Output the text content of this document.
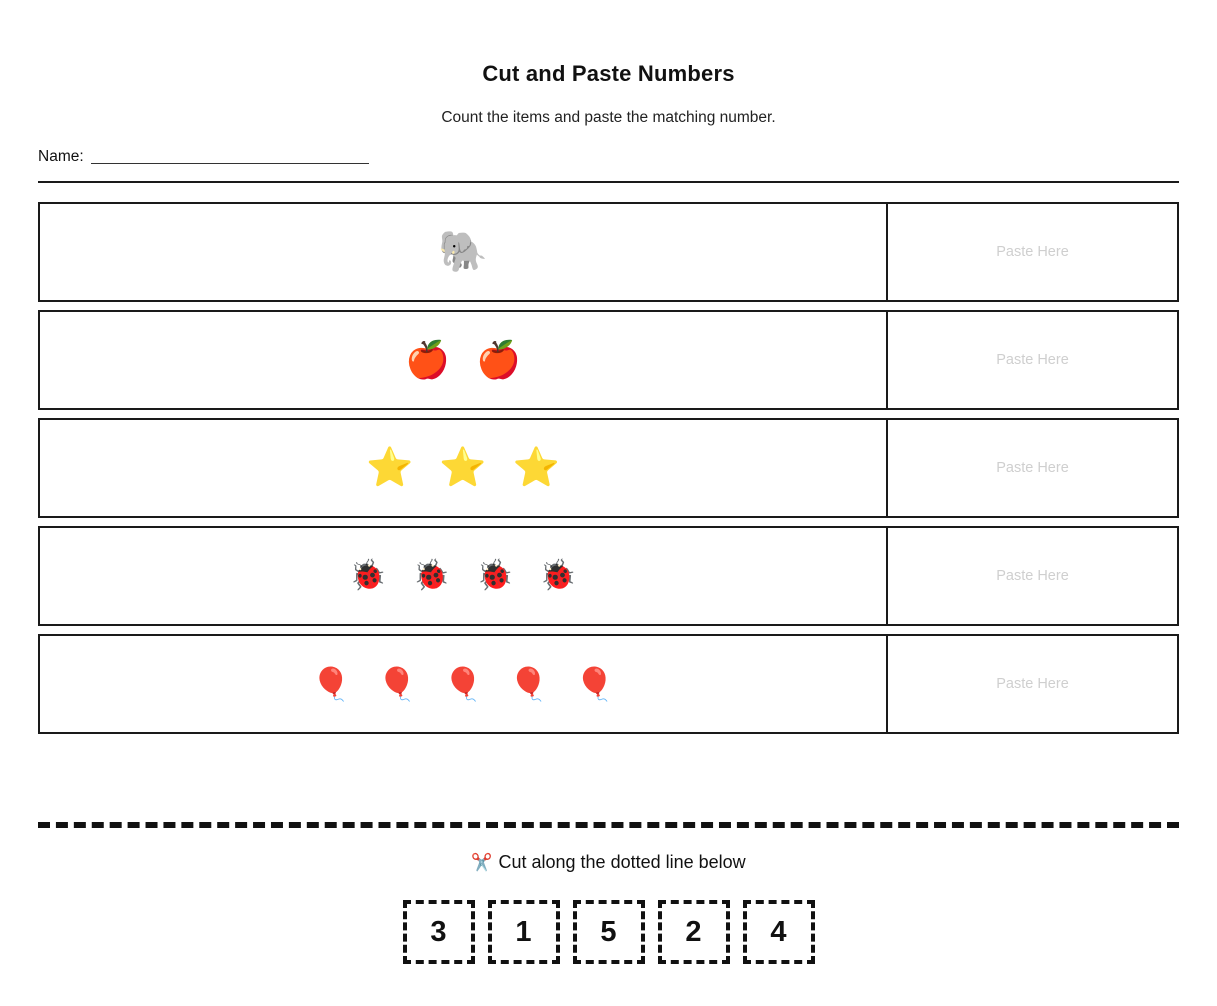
Cut and Paste Numbers

Count the items and paste the matching number.

Name:
🐘	Paste Here
🍎 🍎	Paste Here
⭐ ⭐ ⭐	Paste Here
🐞 🐞 🐞 🐞	Paste Here
🎈 🎈 🎈 🎈 🎈	Paste Here
✂️ Cut along the dotted line below
3	1	5	2	4
